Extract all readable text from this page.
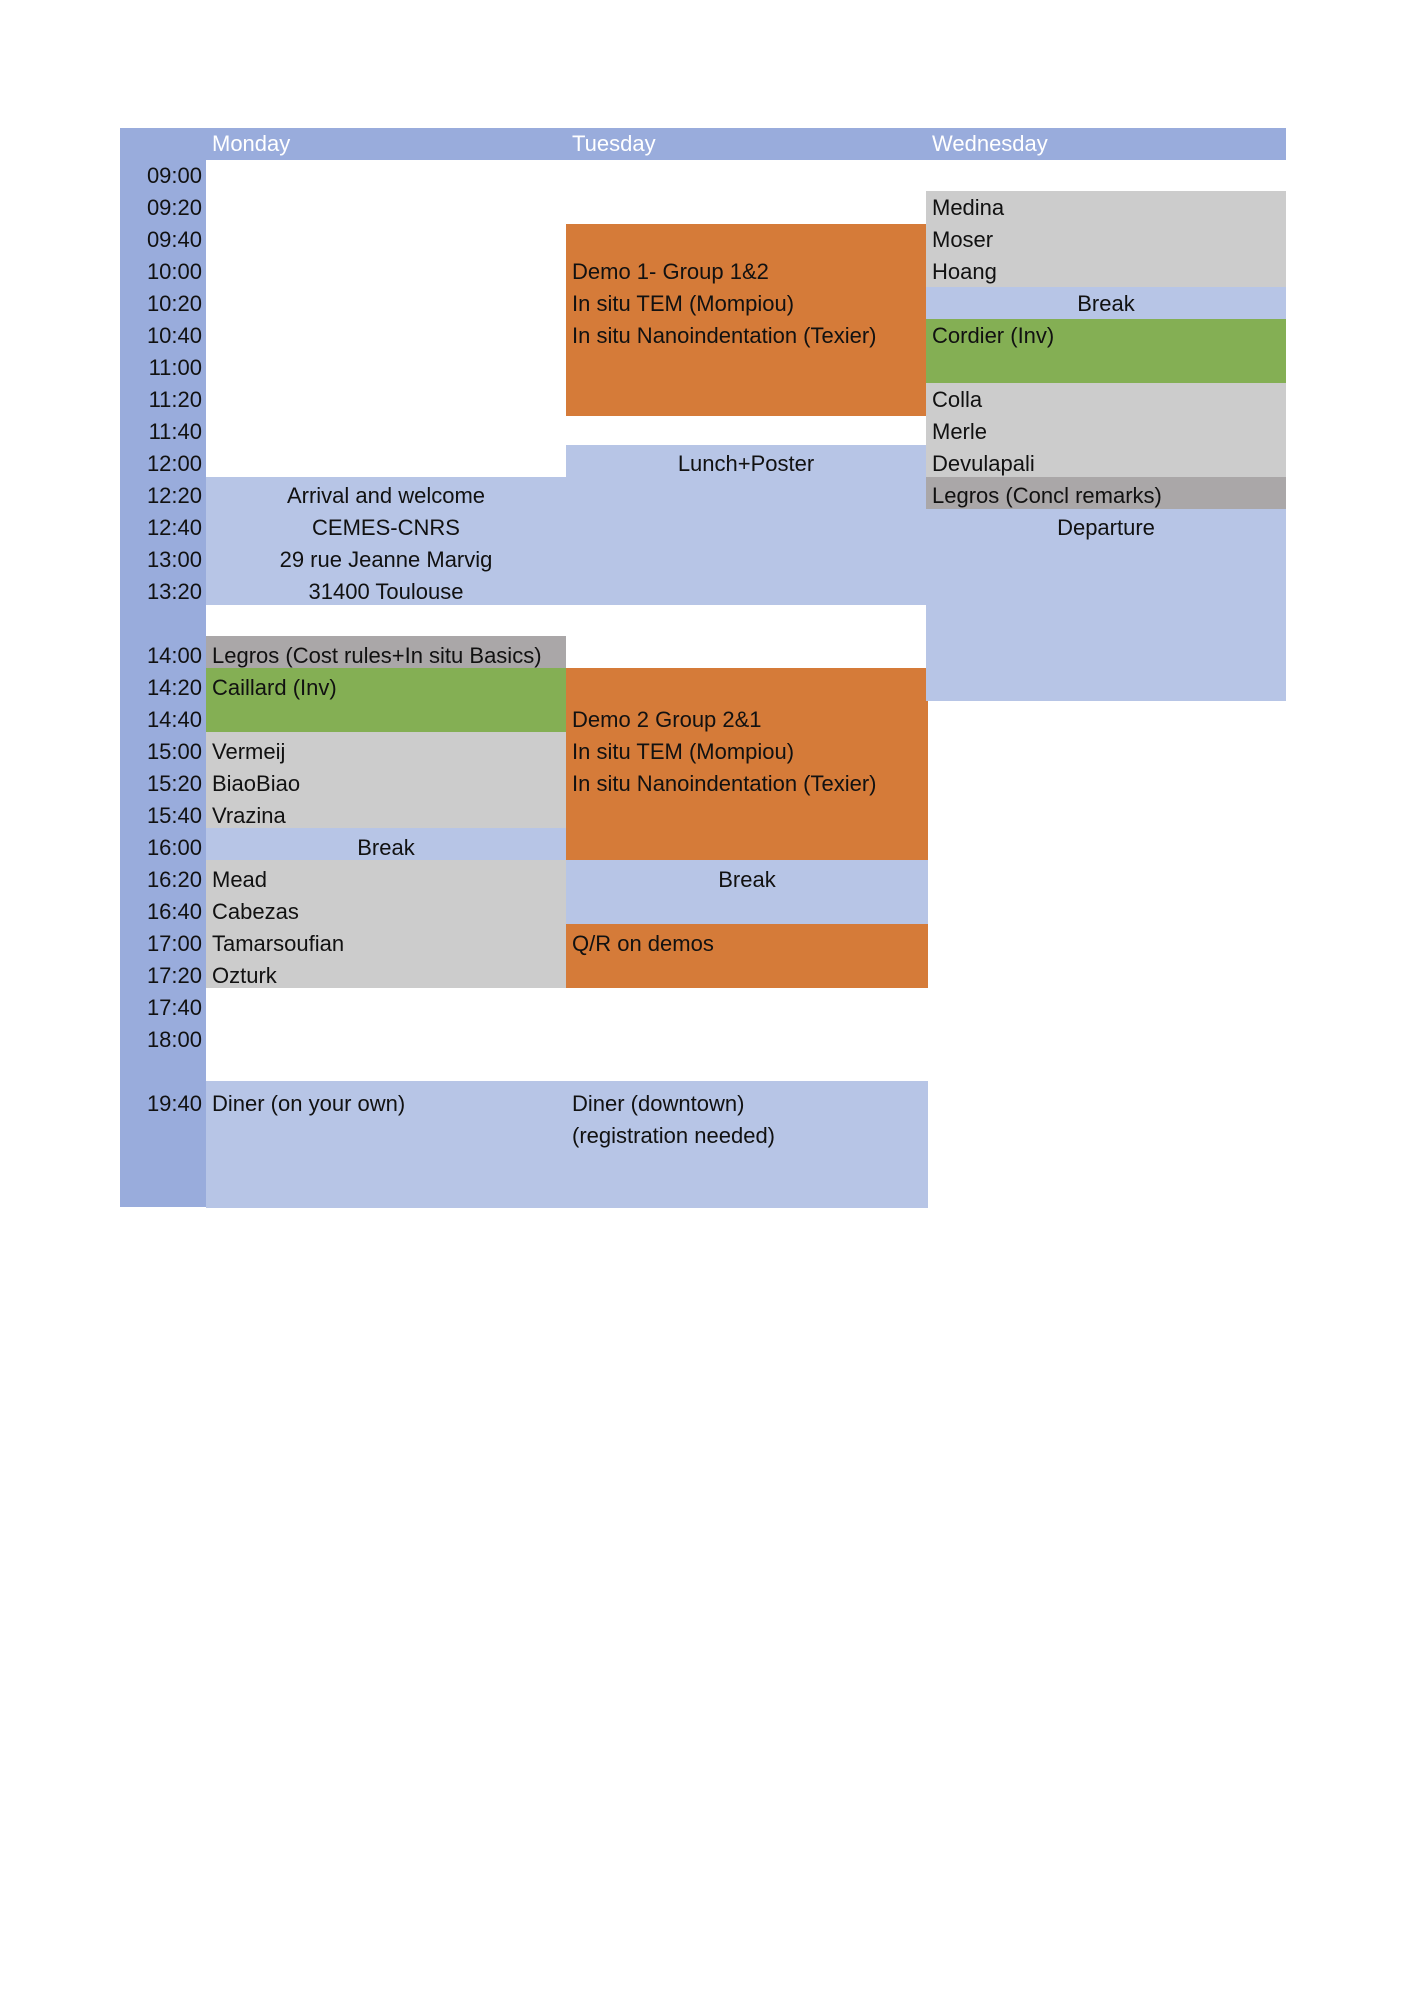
Monday	Tuesday	Wednesday
09:00
09:20
09:40
10:00
10:20
10:40
11:00
11:20
11:40
12:00
12:20
12:40
13:00
13:20
14:00
14:20
14:40
15:00
15:20
15:40
16:00
16:20
16:40
17:00
17:20
17:40
18:00
19:40
Arrival and welcome
CEMES-CNRS
29 rue Jeanne Marvig
31400 Toulouse
Legros (Cost rules+In situ Basics)
Caillard (Inv)
Vermeij
BiaoBiao
Vrazina
Break
Mead
Cabezas
Tamarsoufian
Ozturk
Diner (on your own)
Demo 1- Group 1&2
In situ TEM (Mompiou)
In situ Nanoindentation (Texier)
Lunch+Poster
Demo 2 Group 2&1
In situ TEM (Mompiou)
In situ Nanoindentation (Texier)
Break
Q/R on demos
Diner (downtown)
(registration needed)
Medina
Moser
Hoang
Break
Cordier (Inv)
Colla
Merle
Devulapali
Legros (Concl remarks)
Departure
